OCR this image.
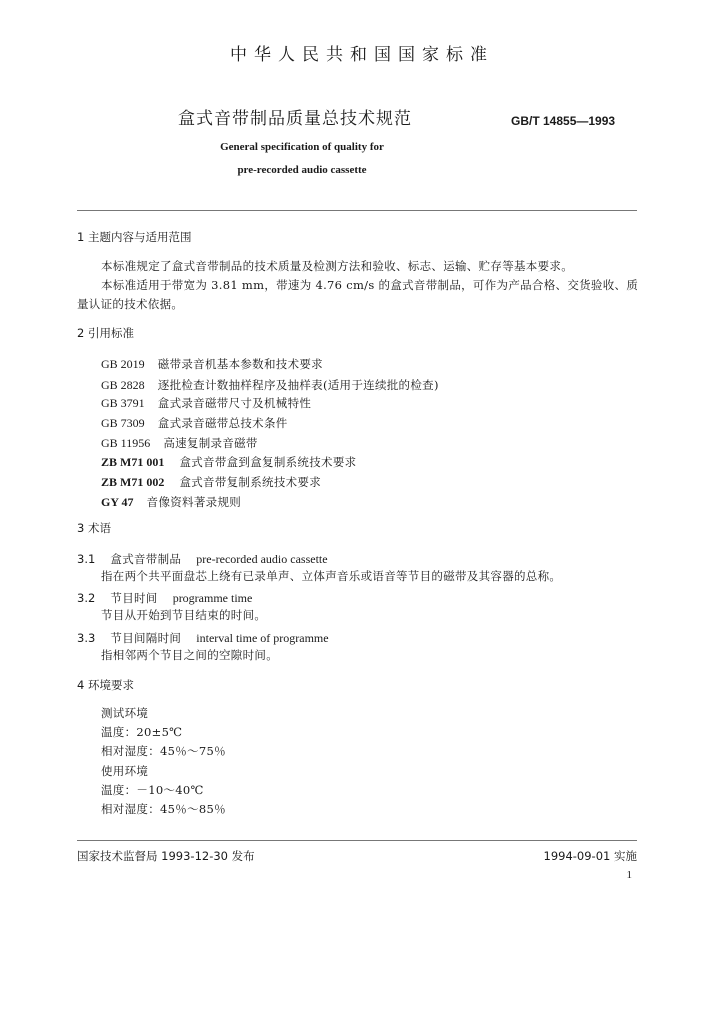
中华人民共和国国家标准
盒式音带制品质量总技术规范	GB/T 14855—1993
General specification of quality for
pre-recorded audio cassette
1 主题内容与适用范围
本标准规定了盒式音带制品的技术质量及检测方法和验收、标志、运输、贮存等基本要求。
本标准适用于带宽为 3.81 mm，带速为 4.76 cm/s 的盒式音带制品，可作为产品合格、交货验收、质
量认证的技术依据。
2 引用标准
GB 2019 磁带录音机基本参数和技术要求
GB 2828 逐批检查计数抽样程序及抽样表(适用于连续批的检查)
GB 3791 盒式录音磁带尺寸及机械特性
GB 7309 盒式录音磁带总技术条件
GB 11956 高速复制录音磁带
ZB M71 001 盒式音带盒到盒复制系统技术要求
ZB M71 002 盒式音带复制系统技术要求
GY 47 音像资料著录规则
3 术语
3.1 盒式音带制品 pre-recorded audio cassette
指在两个共平面盘芯上绕有已录单声、立体声音乐或语音等节目的磁带及其容器的总称。
3.2 节目时间 programme time
节目从开始到节目结束的时间。
3.3 节目间隔时间 interval time of programme
指相邻两个节目之间的空隙时间。
4 环境要求
测试环境
温度：20±5℃
相对湿度：45％～75％
使用环境
温度：－10～40℃
相对湿度：45％～85％
国家技术监督局 1993-12-30 发布	1994-09-01 实施
1
